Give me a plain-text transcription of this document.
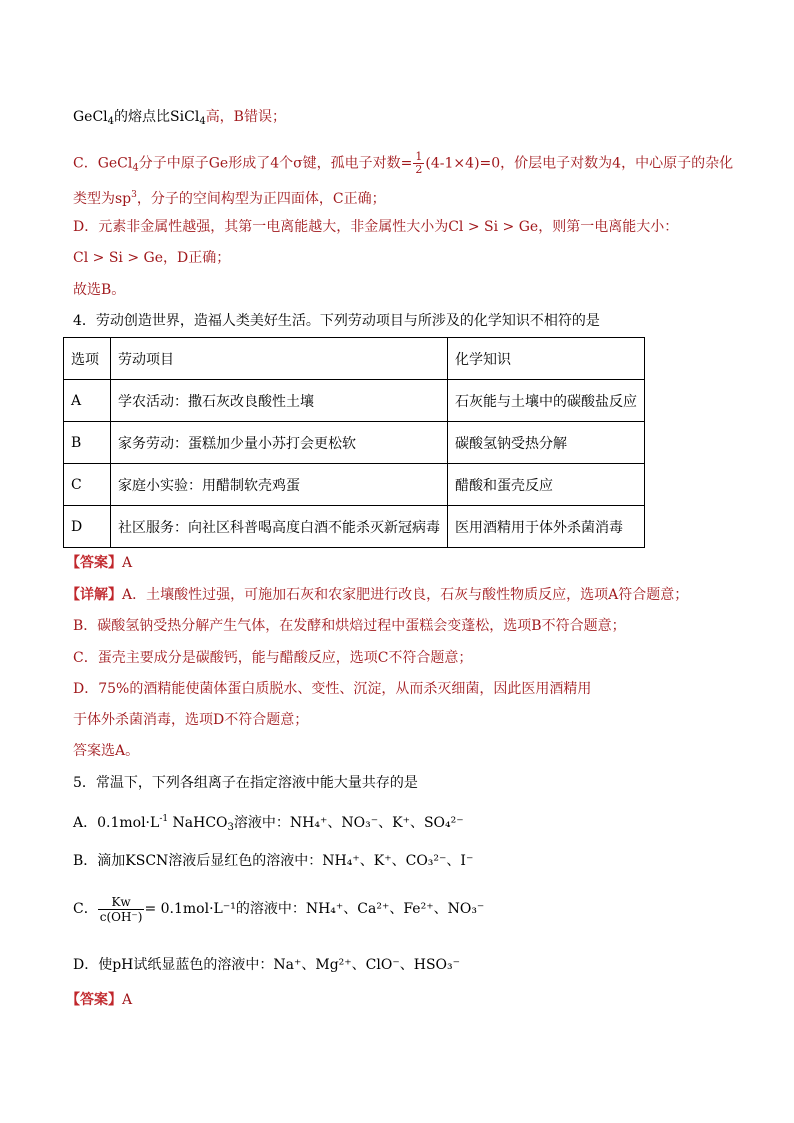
GeCl$_4$的熔点比SiCl$_4$高，B错误；
C．GeCl$_4$分子中原子Ge形成了4个σ键，孤电子对数= $\frac{1}{2} (4-1\times 4)=0$，价层电子对数为4，中心原子的杂化
类型为$sp^3$，分子的空间构型为正四面体，C正确；
D．元素非金属性越强，其第一电离能越大，非金属性大小为Cl > Si > Ge，则第一电离能大小：
Cl > Si > Ge，D正确；
故选B。
4．劳动创造世界，造福人类美好生活。下列劳动项目与所涉及的化学知识不相符的是
选项	劳动项目	化学知识
A	学农活动：撒石灰改良酸性土壤	石灰能与土壤中的碳酸盐反应
B	家务劳动：蛋糕加少量小苏打会更松软	碳酸氢钠受热分解
C	家庭小实验：用醋制软壳鸡蛋	醋酸和蛋壳反应
D	社区服务：向社区科普喝高度白酒不能杀灭新冠病毒	医用酒精用于体外杀菌消毒
【答案】A
【详解】A．土壤酸性过强，可施加石灰和农家肥进行改良，石灰与酸性物质反应，选项A符合题意；
B．碳酸氢钠受热分解产生气体，在发酵和烘焙过程中蛋糕会变蓬松，选项B不符合题意；
C．蛋壳主要成分是碳酸钙，能与醋酸反应，选项C不符合题意；
D．75%的酒精能使菌体蛋白质脱水、变性、沉淀，从而杀灭细菌，因此医用酒精用
于体外杀菌消毒，选项D不符合题意；
答案选A。
5．常温下，下列各组离子在指定溶液中能大量共存的是
A．$0.1mol\cdot L^{-1}$ NaHCO$_3$溶液中：NH₄⁺、NO₃⁻、K⁺、SO₄²⁻
B．滴加KSCN溶液后显红色的溶液中：NH₄⁺、K⁺、CO₃²⁻、I⁻
C． $\frac{Kw}{c(OH^-)} = 0.1mol\cdot L^{-1}$的溶液中：NH₄⁺、Ca²⁺、Fe²⁺、NO₃⁻
D．使pH试纸显蓝色的溶液中：Na⁺、Mg²⁺、ClO⁻、HSO₃⁻
【答案】A
